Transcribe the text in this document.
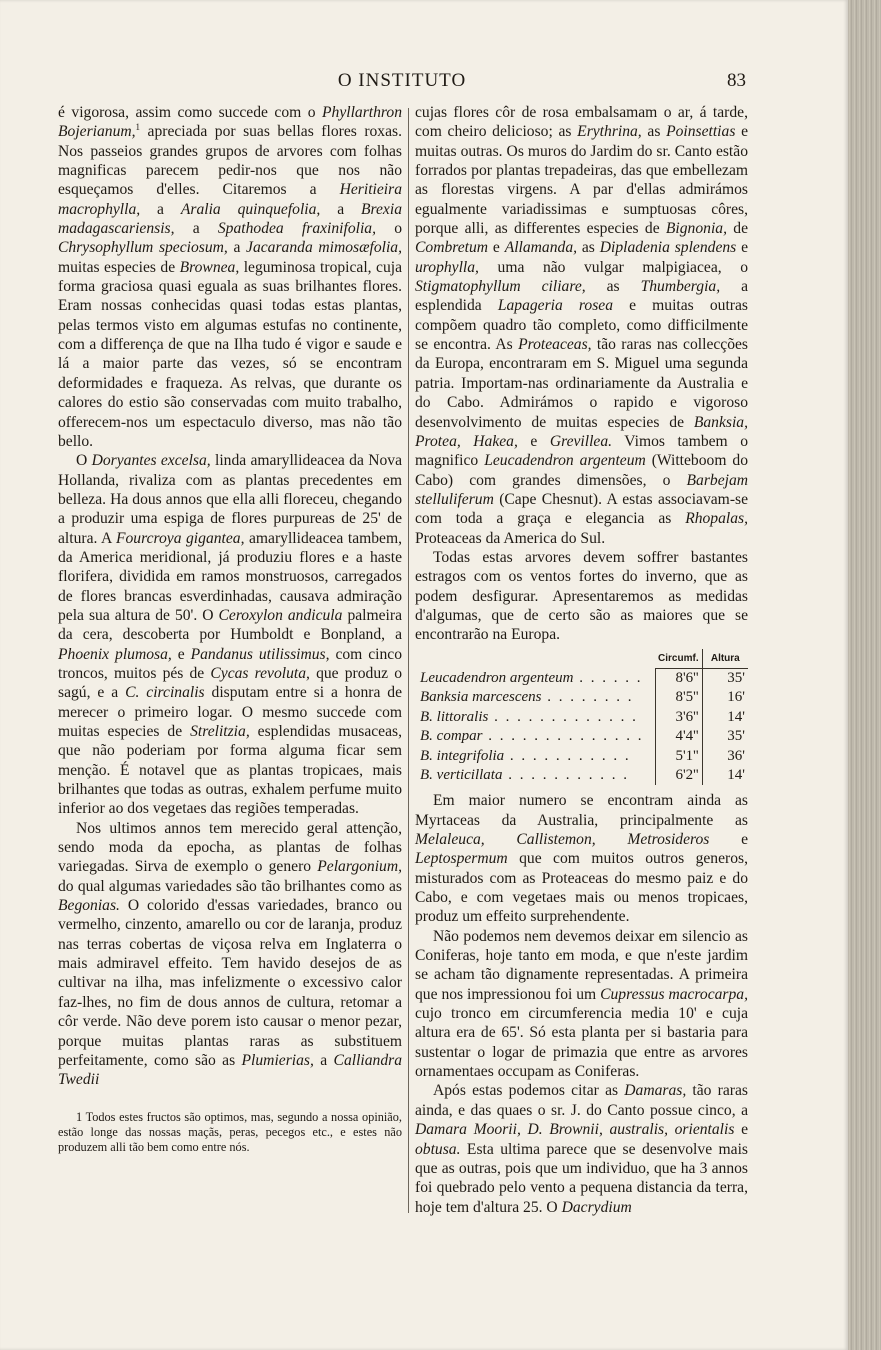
O INSTITUTO	83

é vigorosa, assim como succede com o Phyllarthron Bojerianum,$^1$ apreciada por suas bellas flores roxas. Nos passeios grandes grupos de arvores com folhas magnificas parecem pedir-nos que nos não esqueçamos d'elles. Citaremos a Heritieira macrophylla, a Aralia quinquefolia, a Brexia madagascariensis, a Spathodea fraxinifolia, o Chrysophyllum speciosum, a Jacaranda mimosæfolia, muitas especies de Brownea, leguminosa tropical, cuja forma graciosa quasi eguala as suas brilhantes flores. Eram nossas conhecidas quasi todas estas plantas, pelas termos visto em algumas estufas no continente, com a differença de que na Ilha tudo é vigor e saude e lá a maior parte das vezes, só se encontram deformidades e fraqueza. As relvas, que durante os calores do estio são conservadas com muito trabalho, offerecem-nos um espectaculo diverso, mas não tão bello.

O Doryantes excelsa, linda amaryllideacea da Nova Hollanda, rivaliza com as plantas precedentes em belleza. Ha dous annos que ella alli floreceu, chegando a produzir uma espiga de flores purpureas de 25' de altura. A Fourcroya gigantea, amaryllideacea tambem, da America meridional, já produziu flores e a haste florifera, dividida em ramos monstruosos, carregados de flores brancas esverdinhadas, causava admiração pela sua altura de 50'. O Ceroxylon andicula palmeira da cera, descoberta por Humboldt e Bonpland, a Phoenix plumosa, e Pandanus utilissimus, com cinco troncos, muitos pés de Cycas revoluta, que produz o sagú, e a C. circinalis disputam entre si a honra de merecer o primeiro logar. O mesmo succede com muitas especies de Strelitzia, esplendidas musaceas, que não poderiam por forma alguma ficar sem menção. É notavel que as plantas tropicaes, mais brilhantes que todas as outras, exhalem perfume muito inferior ao dos vegetaes das regiões temperadas.

Nos ultimos annos tem merecido geral attenção, sendo moda da epocha, as plantas de folhas variegadas. Sirva de exemplo o genero Pelargonium, do qual algumas variedades são tão brilhantes como as Begonias. O colorido d'essas variedades, branco ou vermelho, cinzento, amarello ou cor de laranja, produz nas terras cobertas de viçosa relva em Inglaterra o mais admiravel effeito. Tem havido desejos de as cultivar na ilha, mas infelizmente o excessivo calor faz-lhes, no fim de dous annos de cultura, retomar a côr verde. Não deve porem isto causar o menor pezar, porque muitas plantas raras as substituem perfeitamente, como são as Plumierias, a Calliandra Twedii

1 Todos estes fructos são optimos, mas, segundo a nossa opinião, estão longe das nossas maçãs, peras, pecegos etc., e estes não produzem alli tão bem como entre nós.

cujas flores côr de rosa embalsamam o ar, á tarde, com cheiro delicioso; as Erythrina, as Poinsettias e muitas outras. Os muros do Jardim do sr. Canto estão forrados por plantas trepadeiras, das que embellezam as florestas virgens. A par d'ellas admirámos egualmente variadissimas e sumptuosas côres, porque alli, as differentes especies de Bignonia, de Combretum e Allamanda, as Dipladenia splendens e urophylla, uma não vulgar malpigiacea, o Stigmatophyllum ciliare, as Thumbergia, a esplendida Lapageria rosea e muitas outras compõem quadro tão completo, como difficilmente se encontra. As Proteaceas, tão raras nas collecções da Europa, encontraram em S. Miguel uma segunda patria. Importam-nas ordinariamente da Australia e do Cabo. Admirámos o rapido e vigoroso desenvolvimento de muitas especies de Banksia, Protea, Hakea, e Grevillea. Vimos tambem o magnifico Leucadendron argenteum (Witteboom do Cabo) com grandes dimensões, o Barbejam stelluliferum (Cape Chesnut). A estas associavam-se com toda a graça e elegancia as Rhopalas, Proteaceas da America do Sul.

Todas estas arvores devem soffrer bastantes estragos com os ventos fortes do inverno, que as podem desfigurar. Apresentaremos as medidas d'algumas, que de certo são as maiores que se encontrarão na Europa.

	Circumf.	Altura
Leucadendron argenteum . . . . . .	8'6''	35'
Banksia marcescens . . . . . . . .	8'5''	16'
B. littoralis . . . . . . . . . . . . .	3'6''	14'
B. compar . . . . . . . . . . . . . .	4'4''	35'
B. integrifolia . . . . . . . . . . .	5'1''	36'
B. verticillata . . . . . . . . . . .	6'2''	14'

Em maior numero se encontram ainda as Myrtaceas da Australia, principalmente as Melaleuca, Callistemon, Metrosideros e Leptospermum que com muitos outros generos, misturados com as Proteaceas do mesmo paiz e do Cabo, e com vegetaes mais ou menos tropicaes, produz um effeito surprehendente.

Não podemos nem devemos deixar em silencio as Coniferas, hoje tanto em moda, e que n'este jardim se acham tão dignamente representadas. A primeira que nos impressionou foi um Cupressus macrocarpa, cujo tronco em circumferencia media 10' e cuja altura era de 65'. Só esta planta per si bastaria para sustentar o logar de primazia que entre as arvores ornamentaes occupam as Coniferas.

Após estas podemos citar as Damaras, tão raras ainda, e das quaes o sr. J. do Canto possue cinco, a Damara Moorii, D. Brownii, australis, orientalis e obtusa. Esta ultima parece que se desenvolve mais que as outras, pois que um individuo, que ha 3 annos foi quebrado pelo vento a pequena distancia da terra, hoje tem d'altura 25. O Dacrydium
